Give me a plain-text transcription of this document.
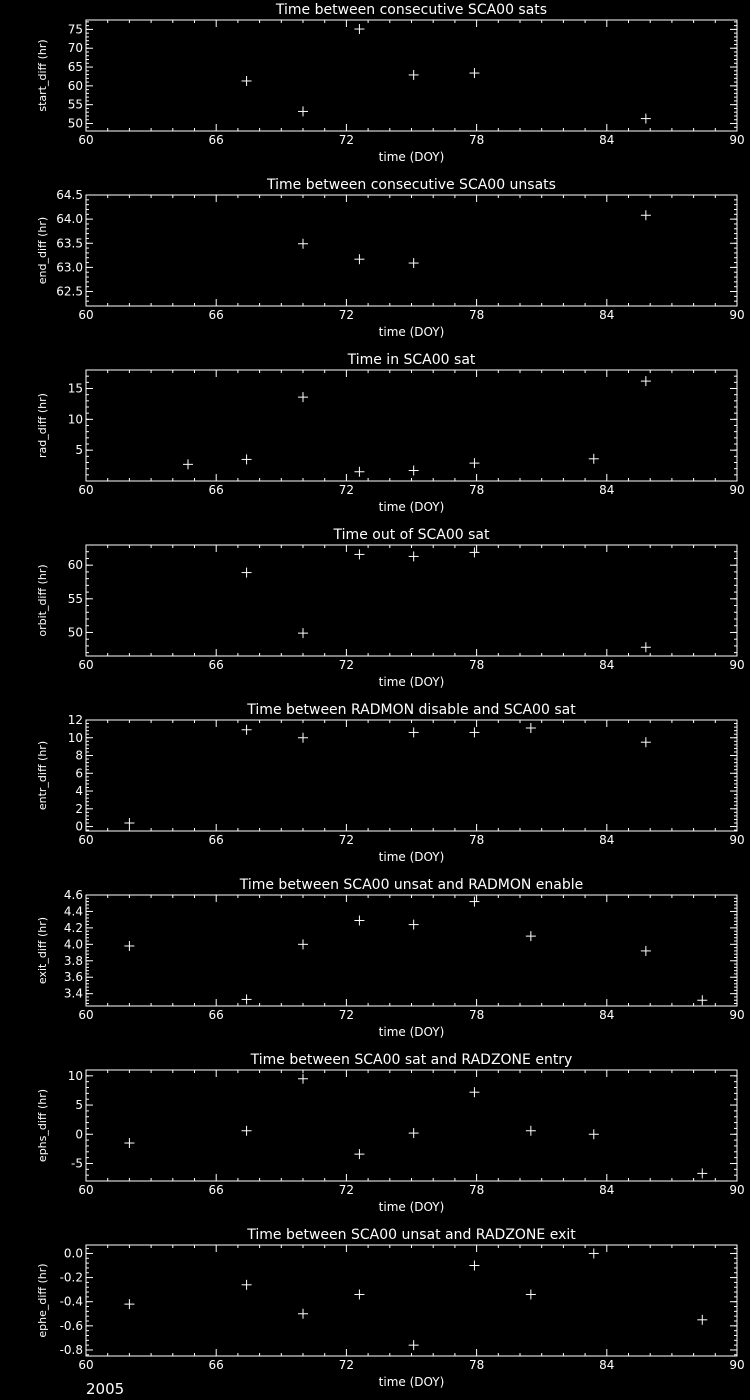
Time between consecutive SCA00 sats
60	66	72	78	84	90
50
55
60
65
70
75
time (DOY)
start_diff (hr)
Time between consecutive SCA00 unsats
60	66	72	78	84	90
62.5
63.0
63.5
64.0
64.5
time (DOY)
end_diff (hr)
Time in SCA00 sat
60	66	72	78	84	90
5
10
15
time (DOY)
rad_diff (hr)
Time out of SCA00 sat
60	66	72	78	84	90
50
55
60
time (DOY)
orbit_diff (hr)
Time between RADMON disable and SCA00 sat
60	66	72	78	84	90
0
2
4
6
8
10
12
time (DOY)
entr_diff (hr)
Time between SCA00 unsat and RADMON enable
60	66	72	78	84	90
3.4
3.6
3.8
4.0
4.2
4.4
4.6
time (DOY)
exit_diff (hr)
Time between SCA00 sat and RADZONE entry
60	66	72	78	84	90
-5
0
5
10
time (DOY)
ephs_diff (hr)
Time between SCA00 unsat and RADZONE exit
60	66	72	78	84	90
-0.8
-0.6
-0.4
-0.2
0.0
time (DOY)
ephe_diff (hr)
2005
